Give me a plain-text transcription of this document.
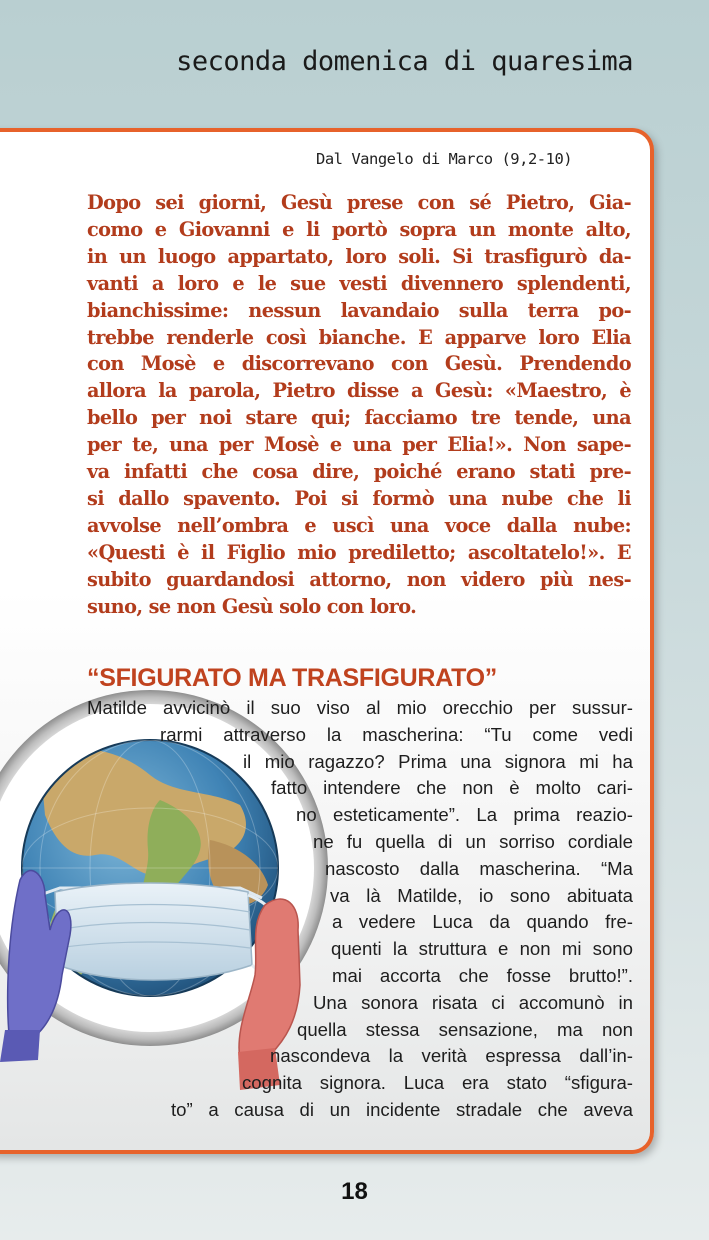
seconda domenica di quaresima
Dal Vangelo di Marco (9,2-10)
Dopo sei giorni, Gesù prese con sé Pietro, Gia-
como e Giovanni e li portò sopra un monte alto,
in un luogo appartato, loro soli. Si trasfigurò da-
vanti a loro e le sue vesti divennero splendenti,
bianchissime: nessun lavandaio sulla terra po-
trebbe renderle così bianche. E apparve loro Elia
con Mosè e discorrevano con Gesù. Prendendo
allora la parola, Pietro disse a Gesù: «Maestro, è
bello per noi stare qui; facciamo tre tende, una
per te, una per Mosè e una per Elia!». Non sape-
va infatti che cosa dire, poiché erano stati pre-
si dallo spavento. Poi si formò una nube che li
avvolse nell’ombra e uscì una voce dalla nube:
«Questi è il Figlio mio prediletto; ascoltatelo!». E
subito guardandosi attorno, non videro più nes-
suno, se non Gesù solo con loro.
“SFIGURATO MA TRASFIGURATO”
Matilde avvicinò il suo viso al mio orecchio per sussur-
rarmi attraverso la mascherina: “Tu come vedi
il mio ragazzo? Prima una signora mi ha
fatto intendere che non è molto cari-
no esteticamente”. La prima reazio-
ne fu quella di un sorriso cordiale
nascosto dalla mascherina. “Ma
va là Matilde, io sono abituata
a vedere Luca da quando fre-
quenti la struttura e non mi sono
mai accorta che fosse brutto!”.
Una sonora risata ci accomunò in
quella stessa sensazione, ma non
nascondeva la verità espressa dall’in-
cognita signora. Luca era stato “sfigura-
to” a causa di un incidente stradale che aveva
18
